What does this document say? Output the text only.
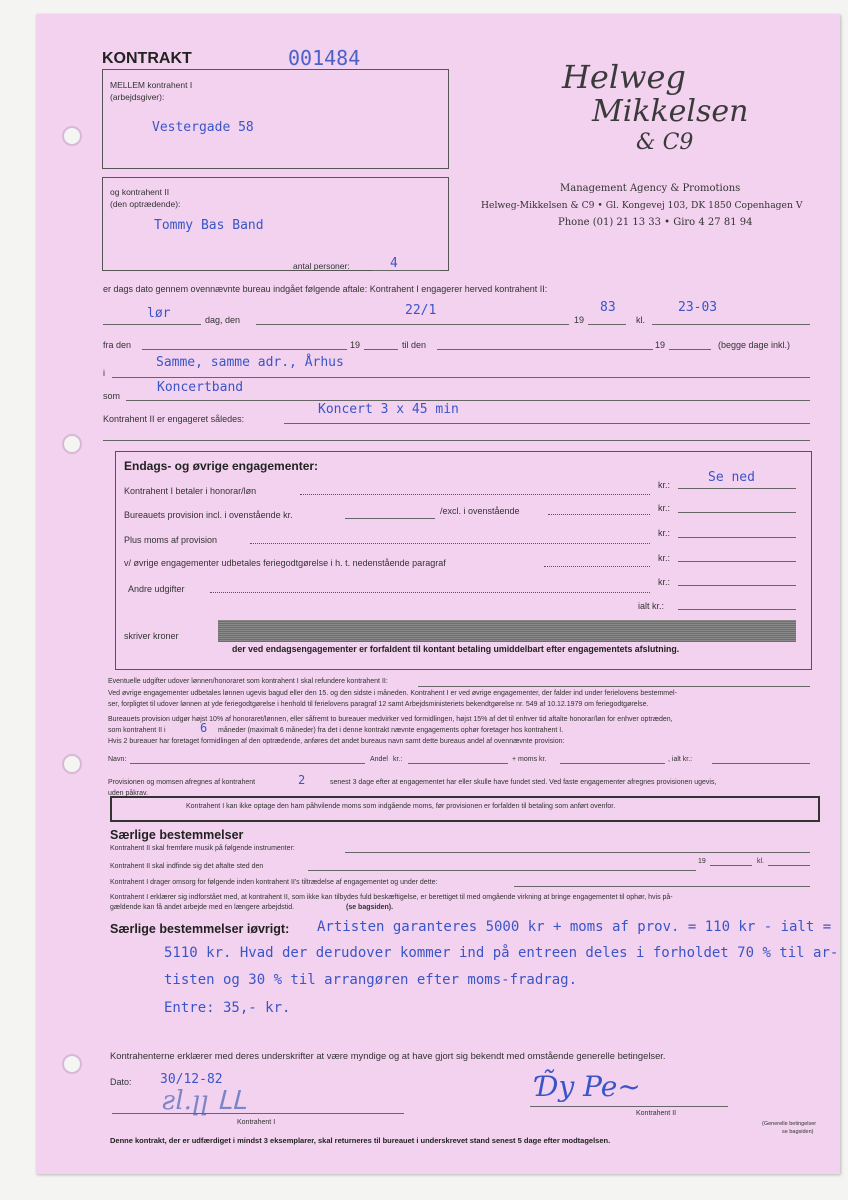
KONTRAKT	001484
MELLEM kontrahent I
(arbejdsgiver):
Vestergade 58
og kontrahent II
(den optrædende):
Tommy Bas Band
antal personer:	4
Helweg
Mikkelsen
& C9
Management Agency & Promotions
Helweg-Mikkelsen & C9 • Gl. Kongevej 103, DK 1850 Copenhagen V
Phone (01) 21 13 33 • Giro 4 27 81 94
er dags dato gennem ovennævnte bureau indgået følgende aftale: Kontrahent I engagerer herved kontrahent II:
lør	dag, den
22/1
19
83
kl.
23-03
fra den	19	til den	19	(begge dage inkl.)
i
Samme, samme adr., Århus
som
Koncertband
Kontrahent II er engageret således:
Koncert 3 x 45 min
Endags- og øvrige engagementer:
Kontrahent I betaler i honorar/løn
kr.:	Se ned
Bureauets provision incl. i ovenstående kr.	/excl. i ovenstående	kr.:
Plus moms af provision
kr.:
v/ øvrige engagementer udbetales feriegodtgørelse i h. t. nedenstående paragraf	kr.:
Andre udgifter
kr.:
ialt kr.:
skriver kroner
der ved endagsengagementer er forfaldent til kontant betaling umiddelbart efter engagementets afslutning.
Eventuelle udgifter udover lønnen/honoraret som kontrahent I skal refundere kontrahent II:
Ved øvrige engagementer udbetales lønnen ugevis bagud eller den 15. og den sidste i måneden. Kontrahent I er ved øvrige engagementer, der falder ind under ferielovens bestemmel-
ser, forpligtet til udover lønnen at yde feriegodtgørelse i henhold til ferielovens paragraf 12 samt Arbejdsministeriets bekendtgørelse nr. 549 af 10.12.1979 om feriegodtgørelse.
Bureauets provision udgør højst 10% af honoraret/lønnen, eller såfremt to bureauer medvirker ved formidlingen, højst 15% af det til enhver tid aftalte honorar/løn for enhver optræden,
som kontrahent II i	6 måneder (maximalt 6 måneder) fra det i denne kontrakt nævnte engagements ophør foretager hos kontrahent I.
Hvis 2 bureauer har foretaget formidlingen af den optrædende, anføres det andet bureaus navn samt dette bureaus andel af ovennævnte provision:
Navn:	Andel kr.:	+ moms kr.	, ialt kr.:
Provisionen og momsen afregnes af kontrahent	2	senest 3 dage efter at engagementet har eller skulle have fundet sted. Ved faste engagementer afregnes provisionen ugevis,
uden påkrav.
Kontrahent I kan ikke optage den ham påhvilende moms som indgående moms, før provisionen er forfalden til betaling som anført ovenfor.
Særlige bestemmelser
Kontrahent II skal fremføre musik på følgende instrumenter:
Kontrahent II skal indfinde sig det aftalte sted den
19	kl.
Kontrahent I drager omsorg for følgende inden kontrahent II's tiltrædelse af engagementet og under dette:
Kontrahent I erklærer sig indforstået med, at kontrahent II, som ikke kan tilbydes fuld beskæftigelse, er berettiget til med omgående virkning at bringe engagementet til ophør, hvis på-
gældende kan få andet arbejde med en længere arbejdstid.	(se bagsiden).
Særlige bestemmelser iøvrigt: Artisten garanteres 5000 kr + moms af prov. = 110 kr - ialt =
5110 kr. Hvad der derudover kommer ind på entreen deles i forholdet 70 % til ar-
tisten og 30 % til arrangøren efter moms-fradrag.
Entre: 35,- kr.
Kontrahenterne erklærer med deres underskrifter at være myndige og at have gjort sig bekendt med omstående generelle betingelser.
Dato: 30/12-82
ƨl.ꞁꞁ ᒪᒪ
Kontrahent I
Ɗ̃y Pe~
Kontrahent II
(Generelle betingelser
se bagsiden)
Denne kontrakt, der er udfærdiget i mindst 3 eksemplarer, skal returneres til bureauet i underskrevet stand senest 5 dage efter modtagelsen.
